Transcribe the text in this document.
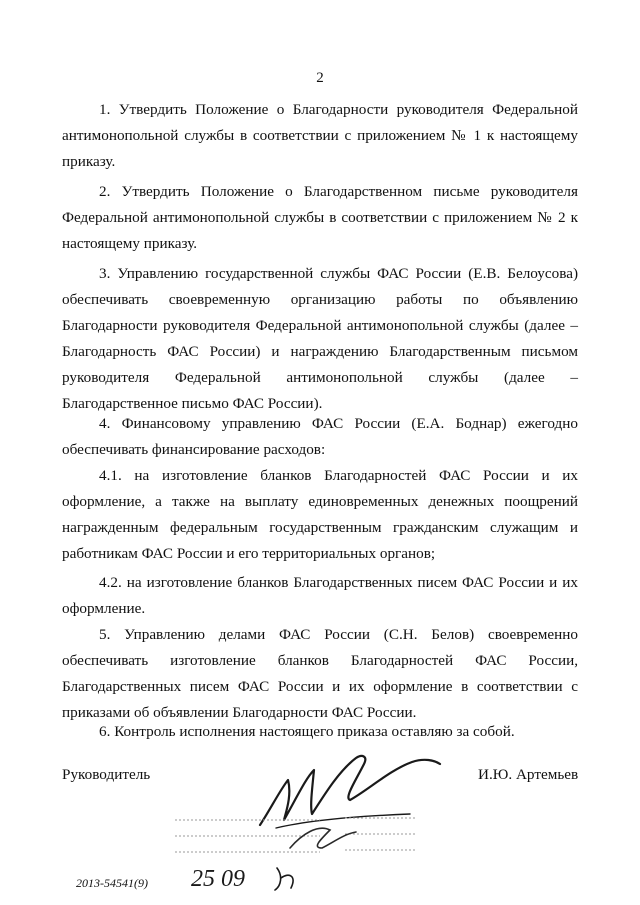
2
1. Утвердить Положение о Благодарности руководителя Федеральной антимонопольной службы в соответствии с приложением № 1 к настоящему приказу.
2. Утвердить Положение о Благодарственном письме руководителя Федеральной антимонопольной службы в соответствии с приложением № 2 к настоящему приказу.
3. Управлению государственной службы ФАС России (Е.В. Белоусова) обеспечивать своевременную организацию работы по объявлению Благодарности руководителя Федеральной антимонопольной службы (далее – Благодарность ФАС России) и награждению Благодарственным письмом руководителя Федеральной антимонопольной службы (далее – Благодарственное письмо ФАС России).
4. Финансовому управлению ФАС России (Е.А. Боднар) ежегодно обеспечивать финансирование расходов:
4.1. на изготовление бланков Благодарностей ФАС России и их оформление, а также на выплату единовременных денежных поощрений награжденным федеральным государственным гражданским служащим и работникам ФАС России и его территориальных органов;
4.2. на изготовление бланков Благодарственных писем ФАС России и их оформление.
5. Управлению делами ФАС России (С.Н. Белов) своевременно обеспечивать изготовление бланков Благодарностей ФАС России, Благодарственных писем ФАС России и их оформление в соответствии с приказами об объявлении Благодарности ФАС России.
6. Контроль исполнения настоящего приказа оставляю за собой.
Руководитель	И.Ю. Артемьев
25 09
2013-54541(9)
